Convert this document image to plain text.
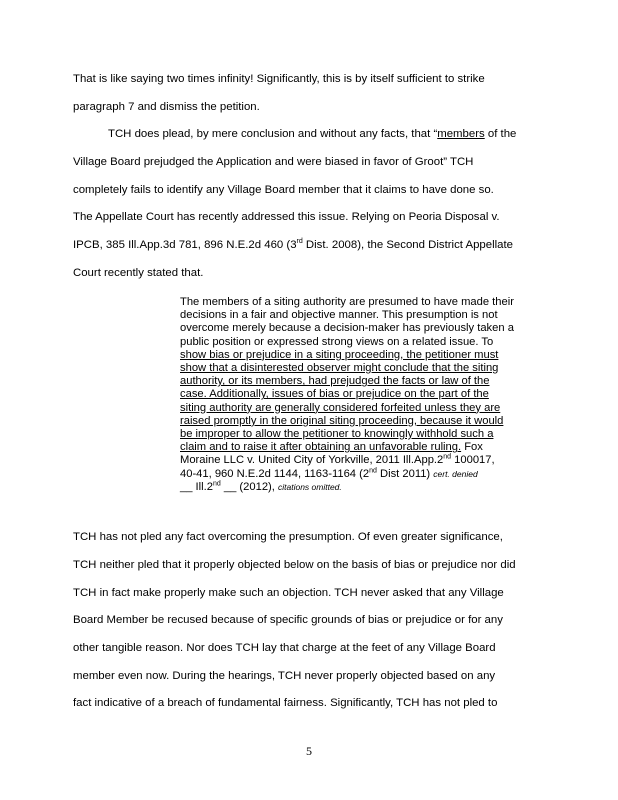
That is like saying two times infinity! Significantly, this is by itself sufficient to strike
paragraph 7 and dismiss the petition.
TCH does plead, by mere conclusion and without any facts, that “members of the
Village Board prejudged the Application and were biased in favor of Groot” TCH
completely fails to identify any Village Board member that it claims to have done so.
The Appellate Court has recently addressed this issue. Relying on Peoria Disposal v.
IPCB, 385 Ill.App.3d 781, 896 N.E.2d 460 (3rd Dist. 2008), the Second District Appellate
Court recently stated that.
The members of a siting authority are presumed to have made their
decisions in a fair and objective manner. This presumption is not
overcome merely because a decision-maker has previously taken a
public position or expressed strong views on a related issue. To
show bias or prejudice in a siting proceeding, the petitioner must
show that a disinterested observer might conclude that the siting
authority, or its members, had prejudged the facts or law of the
case. Additionally, issues of bias or prejudice on the part of the
siting authority are generally considered forfeited unless they are
raised promptly in the original siting proceeding, because it would
be improper to allow the petitioner to knowingly withhold such a
claim and to raise it after obtaining an unfavorable ruling. Fox
Moraine LLC v. United City of Yorkville, 2011 Ill.App.2nd 100017,
40-41, 960 N.E.2d 1144, 1163-1164 (2nd Dist 2011) cert. denied
__ Ill.2nd __ (2012), citations omitted.
TCH has not pled any fact overcoming the presumption. Of even greater significance,
TCH neither pled that it properly objected below on the basis of bias or prejudice nor did
TCH in fact make properly make such an objection. TCH never asked that any Village
Board Member be recused because of specific grounds of bias or prejudice or for any
other tangible reason. Nor does TCH lay that charge at the feet of any Village Board
member even now. During the hearings, TCH never properly objected based on any
fact indicative of a breach of fundamental fairness. Significantly, TCH has not pled to
5
